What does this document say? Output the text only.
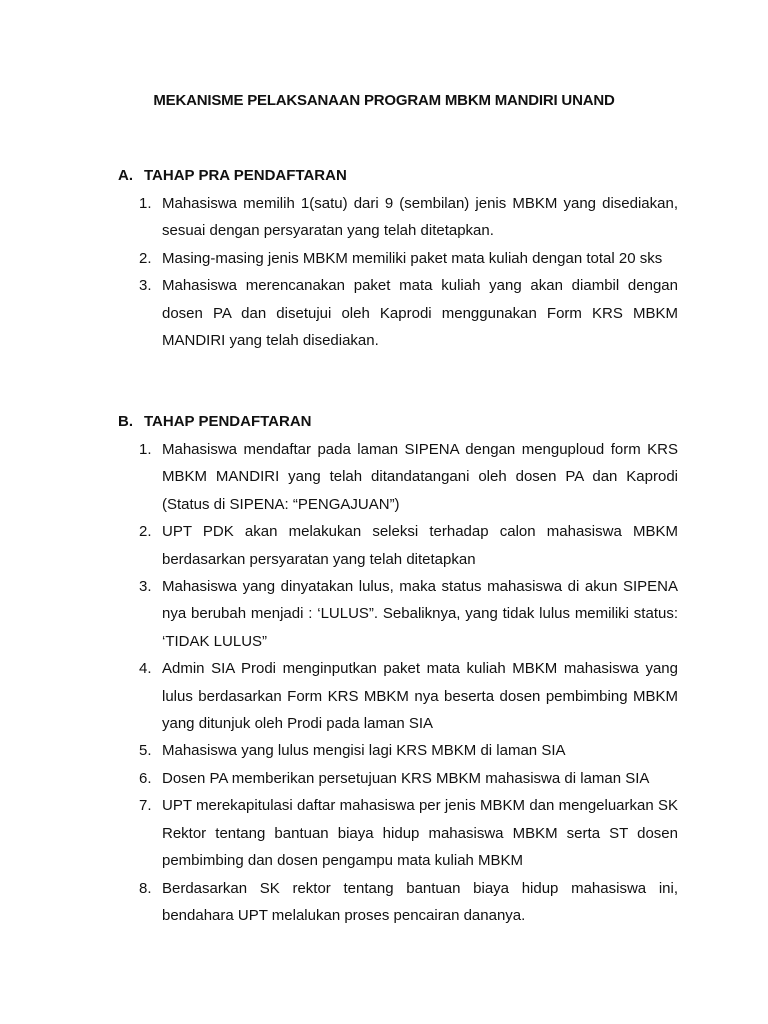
MEKANISME PELAKSANAAN PROGRAM MBKM MANDIRI UNAND
A. TAHAP PRA PENDAFTARAN
1. Mahasiswa memilih 1(satu) dari 9 (sembilan) jenis MBKM yang disediakan, sesuai dengan persyaratan yang telah ditetapkan.
2. Masing-masing jenis MBKM memiliki paket mata kuliah dengan total 20 sks
3. Mahasiswa merencanakan paket mata kuliah yang akan diambil dengan dosen PA dan disetujui oleh Kaprodi menggunakan Form KRS MBKM MANDIRI yang telah disediakan.
B. TAHAP PENDAFTARAN
1. Mahasiswa mendaftar pada laman SIPENA dengan menguploud form KRS MBKM MANDIRI yang telah ditandatangani oleh dosen PA dan Kaprodi (Status di SIPENA: “PENGAJUAN”)
2. UPT PDK akan melakukan seleksi terhadap calon mahasiswa MBKM berdasarkan persyaratan yang telah ditetapkan
3. Mahasiswa yang dinyatakan lulus, maka status mahasiswa di akun SIPENA nya berubah menjadi : ‘LULUS”. Sebaliknya, yang tidak lulus memiliki status: ‘TIDAK LULUS”
4. Admin SIA Prodi menginputkan paket mata kuliah MBKM mahasiswa yang lulus berdasarkan Form KRS MBKM nya beserta dosen pembimbing MBKM yang ditunjuk oleh Prodi pada laman SIA
5. Mahasiswa yang lulus mengisi lagi KRS MBKM di laman SIA
6. Dosen PA memberikan persetujuan KRS MBKM mahasiswa di laman SIA
7. UPT merekapitulasi daftar mahasiswa per jenis MBKM dan mengeluarkan SK Rektor tentang bantuan biaya hidup mahasiswa MBKM serta ST dosen pembimbing dan dosen pengampu mata kuliah MBKM
8. Berdasarkan SK rektor tentang bantuan biaya hidup mahasiswa ini, bendahara UPT melalukan proses pencairan dananya.
